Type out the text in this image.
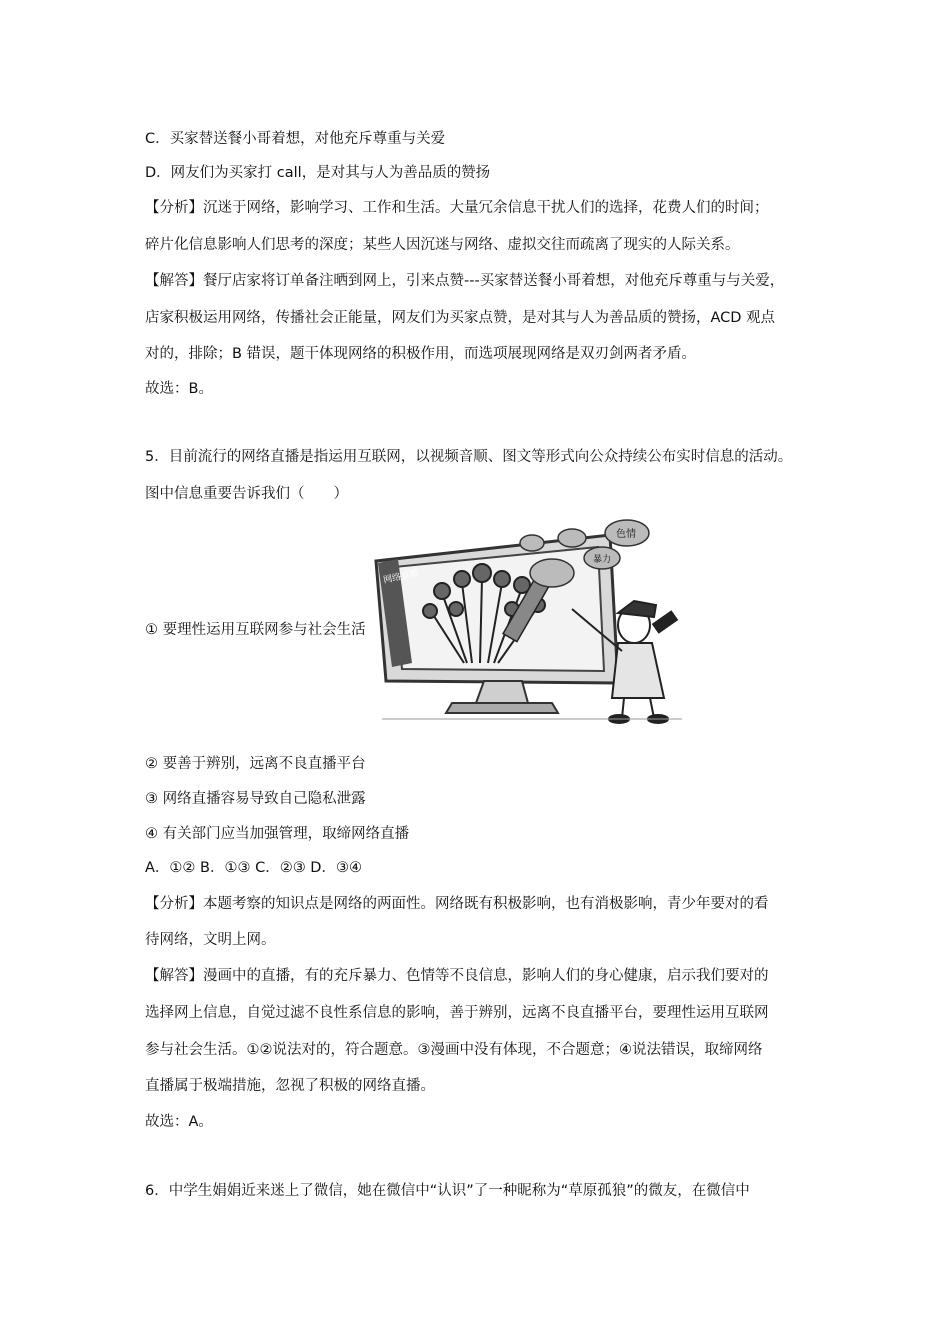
C．买家替送餐小哥着想，对他充斥尊重与关爱
D．网友们为买家打 call，是对其与人为善品质的赞扬
【分析】沉迷于网络，影响学习、工作和生活。大量冗余信息干扰人们的选择，花费人们的时间；
碎片化信息影响人们思考的深度；某些人因沉迷与网络、虚拟交往而疏离了现实的人际关系。
【解答】餐厅店家将订单备注晒到网上，引来点赞---买家替送餐小哥着想，对他充斥尊重与与关爱，
店家积极运用网络，传播社会正能量，网友们为买家点赞，是对其与人为善品质的赞扬，ACD 观点
对的，排除；B 错误，题干体现网络的积极作用，而选项展现网络是双刃剑两者矛盾。
故选：B。
5．目前流行的网络直播是指运用互联网，以视频音顺、图文等形式向公众持续公布实时信息的活动。
图中信息重要告诉我们（　　）
网络直播
色情
暴力
① 要理性运用互联网参与社会生活
② 要善于辨别，远离不良直播平台
③ 网络直播容易导致自己隐私泄露
④ 有关部门应当加强管理，取缔网络直播
A．①② B．①③ C．②③ D．③④
【分析】本题考察的知识点是网络的两面性。网络既有积极影响，也有消极影响，青少年要对的看
待网络，文明上网。
【解答】漫画中的直播，有的充斥暴力、色情等不良信息，影响人们的身心健康，启示我们要对的
选择网上信息，自觉过滤不良性系信息的影响，善于辨别，远离不良直播平台，要理性运用互联网
参与社会生活。①②说法对的，符合题意。③漫画中没有体现，不合题意；④说法错误，取缔网络
直播属于极端措施，忽视了积极的网络直播。
故选：A。
6．中学生娟娟近来迷上了微信，她在微信中“认识”了一种昵称为“草原孤狼”的微友，在微信中
